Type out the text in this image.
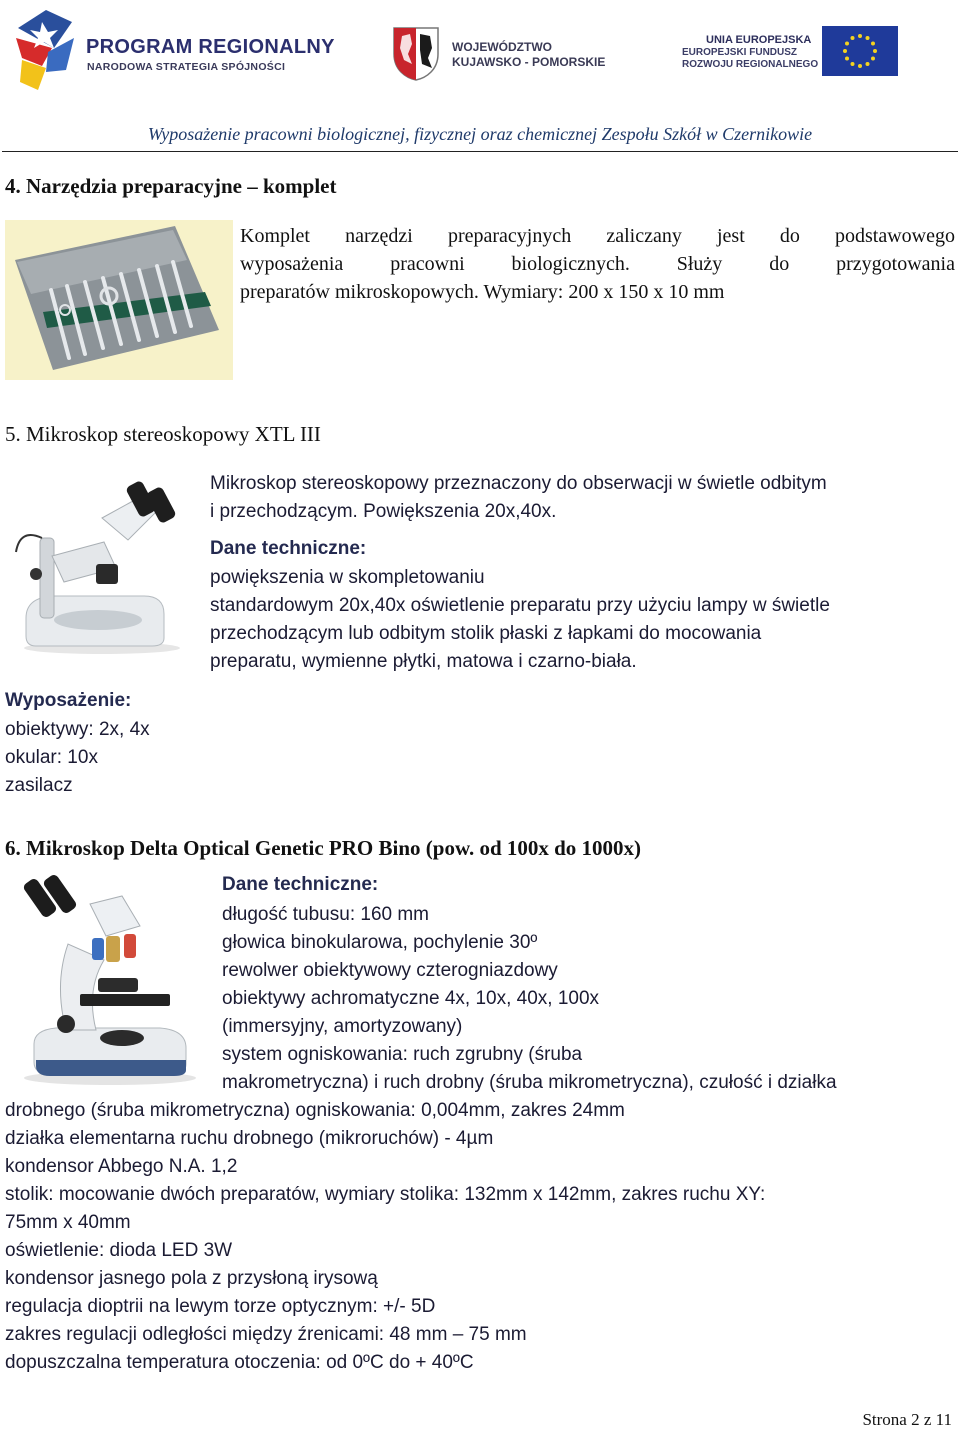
PROGRAM REGIONALNY
NARODOWA STRATEGIA SPÓJNOŚCI
WOJEWÓDZTWO
KUJAWSKO - POMORSKIE
UNIA EUROPEJSKA
EUROPEJSKI FUNDUSZ
ROZWOJU REGIONALNEGO
Wyposażenie pracowni biologicznej, fizycznej oraz chemicznej Zespołu Szkół w Czernikowie
4. Narzędzia preparacyjne – komplet
Komplet narzędzi preparacyjnych zaliczany jest do podstawowego
wyposażenia pracowni biologicznych. Służy do przygotowania
preparatów mikroskopowych. Wymiary: 200 x 150 x 10 mm
5. Mikroskop stereoskopowy XTL III
Mikroskop stereoskopowy przeznaczony do obserwacji w świetle odbitym
i przechodzącym. Powiększenia 20x,40x.
Dane techniczne:
powiększenia w skompletowaniu
standardowym 20x,40x oświetlenie preparatu przy użyciu lampy w świetle
przechodzącym lub odbitym stolik płaski z łapkami do mocowania
preparatu, wymienne płytki, matowa i czarno-biała.
Wyposażenie:
obiektywy: 2x, 4x
okular: 10x
zasilacz
6. Mikroskop Delta Optical Genetic PRO Bino (pow. od 100x do 1000x)
Dane techniczne:
długość tubusu: 160 mm
głowica binokularowa, pochylenie 30º
rewolwer obiektywowy czterogniazdowy
obiektywy achromatyczne 4x, 10x, 40x, 100x
(immersyjny, amortyzowany)
system ogniskowania: ruch zgrubny (śruba
makrometryczna) i ruch drobny (śruba mikrometryczna), czułość i działka
drobnego (śruba mikrometryczna) ogniskowania: 0,004mm, zakres 24mm
działka elementarna ruchu drobnego (mikroruchów) - 4µm
kondensor Abbego N.A. 1,2
stolik: mocowanie dwóch preparatów, wymiary stolika: 132mm x 142mm, zakres ruchu XY:
75mm x 40mm
oświetlenie: dioda LED 3W
kondensor jasnego pola z przysłoną irysową
regulacja dioptrii na lewym torze optycznym: +/- 5D
zakres regulacji odległości między źrenicami: 48 mm – 75 mm
dopuszczalna temperatura otoczenia: od 0ºC do + 40ºC
Strona 2 z 11
